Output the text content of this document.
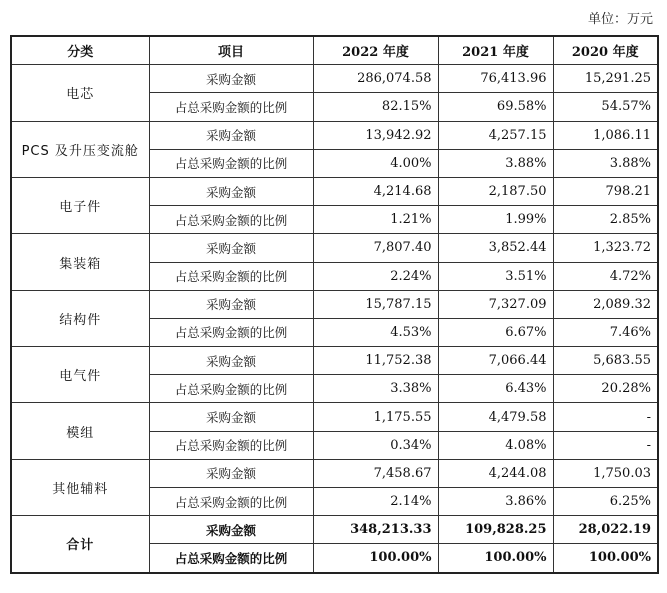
单位：万元
分类	项目	2022 年度	2021 年度	2020 年度
电芯	采购金额	286,074.58	76,413.96	15,291.25
	占总采购金额的比例	82.15%	69.58%	54.57%
PCS 及升压变流舱	采购金额	13,942.92	4,257.15	1,086.11
	占总采购金额的比例	4.00%	3.88%	3.88%
电子件	采购金额	4,214.68	2,187.50	798.21
	占总采购金额的比例	1.21%	1.99%	2.85%
集装箱	采购金额	7,807.40	3,852.44	1,323.72
	占总采购金额的比例	2.24%	3.51%	4.72%
结构件	采购金额	15,787.15	7,327.09	2,089.32
	占总采购金额的比例	4.53%	6.67%	7.46%
电气件	采购金额	11,752.38	7,066.44	5,683.55
	占总采购金额的比例	3.38%	6.43%	20.28%
模组	采购金额	1,175.55	4,479.58	-
	占总采购金额的比例	0.34%	4.08%	-
其他辅料	采购金额	7,458.67	4,244.08	1,750.03
	占总采购金额的比例	2.14%	3.86%	6.25%
合计	采购金额	348,213.33	109,828.25	28,022.19
	占总采购金额的比例	100.00%	100.00%	100.00%
